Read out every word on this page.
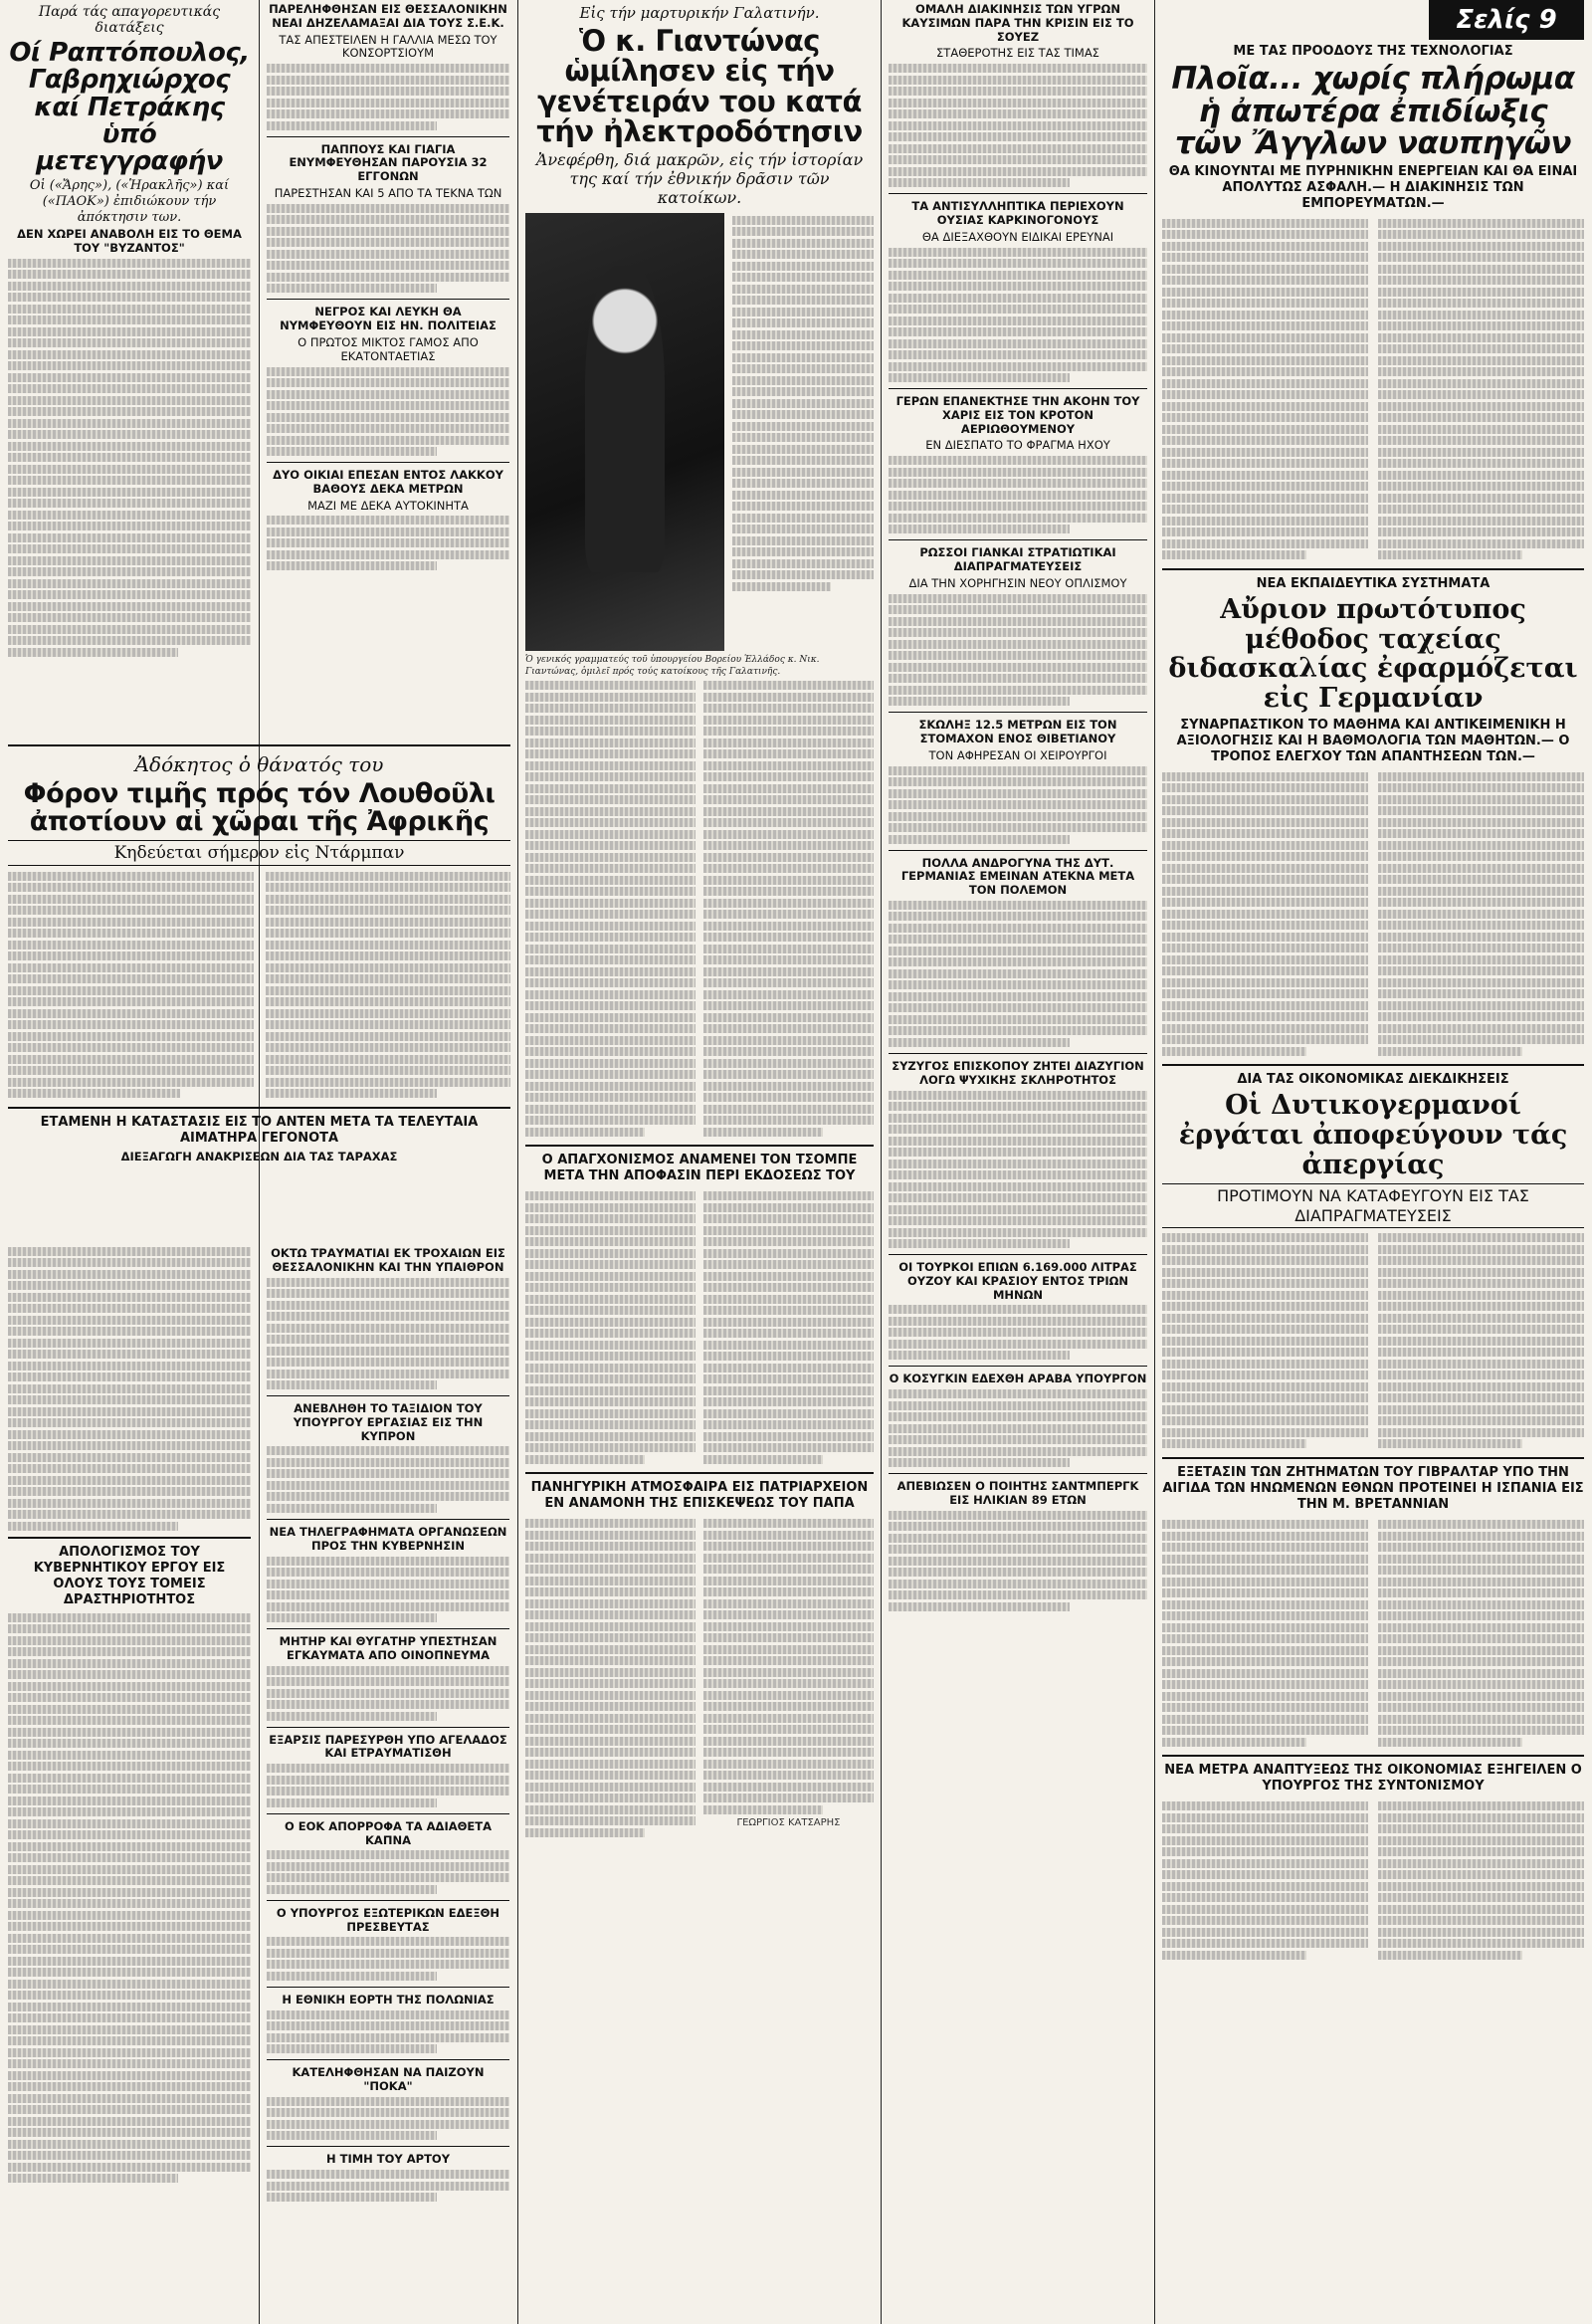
Παρά τάς απαγορευτικάς διατάξεις
Οί Ραπτόπουλος, Γαβρηχιώρχος καί Πετράκης ὑπό μετεγγραφήν
Οἱ («Ἄρης»), («Ἡρακλῆς») καί («ΠΑΟΚ») ἐπιδιώκουν τήν ἀπόκτησιν των.
ΔΕΝ ΧΩΡΕΙ ΑΝΑΒΟΛΗ ΕΙΣ ΤΟ ΘΕΜΑ ΤΟΥ "ΒΥΖΑΝΤΟΣ"
Ἀδόκητος ὁ θάνατός του
Φόρον τιμῆς πρός τόν Λουθοῦλι ἀποτίουν αἱ χῶραι τῆς Ἀφρικῆς
Κηδεύεται σήμερον εἰς Ντάρμπαν
ΕΤΑΜΕΝΗ Η ΚΑΤΑΣΤΑΣΙΣ ΕΙΣ ΤΟ ΑΝΤΕΝ ΜΕΤΑ ΤΑ ΤΕΛΕΥΤΑΙΑ ΑΙΜΑΤΗΡΑ ΓΕΓΟΝΟΤΑ
ΔΙΕΞΑΓΩΓΗ ΑΝΑΚΡΙΣΕΩΝ ΔΙΑ ΤΑΣ ΤΑΡΑΧΑΣ
ΑΠΟΛΟΓΙΣΜΟΣ ΤΟΥ ΚΥΒΕΡΝΗΤΙΚΟΥ ΕΡΓΟΥ ΕΙΣ ΟΛΟΥΣ ΤΟΥΣ ΤΟΜΕΙΣ ΔΡΑΣΤΗΡΙΟΤΗΤΟΣ
ΠΑΡΕΛΗΦΘΗΣΑΝ ΕΙΣ ΘΕΣΣΑΛΟΝΙΚΗΝ ΝΕΑΙ ΔΗΖΕΛΑΜΑΞΑΙ ΔΙΑ ΤΟΥΣ Σ.Ε.Κ.
ΤΑΣ ΑΠΕΣΤΕΙΛΕΝ Η ΓΑΛΛΙΑ ΜΕΣΩ ΤΟΥ ΚΟΝΣΟΡΤΣΙΟΥΜ
ΠΑΠΠΟΥΣ ΚΑΙ ΓΙΑΓΙΑ ΕΝΥΜΦΕΥΘΗΣΑΝ ΠΑΡΟΥΣΙΑ 32 ΕΓΓΟΝΩΝ
ΠΑΡΕΣΤΗΣΑΝ ΚΑΙ 5 ΑΠΟ ΤΑ ΤΕΚΝΑ ΤΩΝ
ΝΕΓΡΟΣ ΚΑΙ ΛΕΥΚΗ ΘΑ ΝΥΜΦΕΥΘΟΥΝ ΕΙΣ ΗΝ. ΠΟΛΙΤΕΙΑΣ
Ο ΠΡΩΤΟΣ ΜΙΚΤΟΣ ΓΑΜΟΣ ΑΠΟ ΕΚΑΤΟΝΤΑΕΤΙΑΣ
ΔΥΟ ΟΙΚΙΑΙ ΕΠΕΣΑΝ ΕΝΤΟΣ ΛΑΚΚΟΥ ΒΑΘΟΥΣ ΔΕΚΑ ΜΕΤΡΩΝ
ΜΑΖΙ ΜΕ ΔΕΚΑ ΑΥΤΟΚΙΝΗΤΑ
ΟΚΤΩ ΤΡΑΥΜΑΤΙΑΙ ΕΚ ΤΡΟΧΑΙΩΝ ΕΙΣ ΘΕΣΣΑΛΟΝΙΚΗΝ ΚΑΙ ΤΗΝ ΥΠΑΙΘΡΟΝ
ΑΝΕΒΛΗΘΗ ΤΟ ΤΑΞΙΔΙΟΝ ΤΟΥ ΥΠΟΥΡΓΟΥ ΕΡΓΑΣΙΑΣ ΕΙΣ ΤΗΝ ΚΥΠΡΟΝ
ΝΕΑ ΤΗΛΕΓΡΑΦΗΜΑΤΑ ΟΡΓΑΝΩΣΕΩΝ ΠΡΟΣ ΤΗΝ ΚΥΒΕΡΝΗΣΙΝ
ΜΗΤΗΡ ΚΑΙ ΘΥΓΑΤΗΡ ΥΠΕΣΤΗΣΑΝ ΕΓΚΑΥΜΑΤΑ ΑΠΟ ΟΙΝΟΠΝΕΥΜΑ
ΕΞΑΡΣΙΣ ΠΑΡΕΣΥΡΘΗ ΥΠΟ ΑΓΕΛΑΔΟΣ ΚΑΙ ΕΤΡΑΥΜΑΤΙΣΘΗ
Ο ΕΟΚ ΑΠΟΡΡΟΦΑ ΤΑ ΑΔΙΑΘΕΤΑ ΚΑΠΝΑ
Ο ΥΠΟΥΡΓΟΣ ΕΞΩΤΕΡΙΚΩΝ ΕΔΕΞΘΗ ΠΡΕΣΒΕΥΤΑΣ
Η ΕΘΝΙΚΗ ΕΟΡΤΗ ΤΗΣ ΠΟΛΩΝΙΑΣ
ΚΑΤΕΛΗΦΘΗΣΑΝ ΝΑ ΠΑΙΖΟΥΝ "ΠΟΚΑ"
Η ΤΙΜΗ ΤΟΥ ΑΡΤΟΥ
Εἰς τήν μαρτυρικήν Γαλατινήν.
Ὁ κ. Γιαντώνας ὡμίλησεν εἰς τήν γενέτειράν του κατά τήν ἠλεκτροδότησιν
Ἀνεφέρθη, διά μακρῶν, εἰς τήν ἱστορίαν της καί τήν ἐθνικήν δρᾶσιν τῶν κατοίκων.
Ὁ γενικός γραμματεύς τοῦ ὑπουργείου Βορείου Ἑλλάδος κ. Νικ. Γιαντώνας, ὁμιλεῖ πρός τούς κατοίκους τῆς Γαλατινῆς.
Ο ΑΠΑΓΧΟΝΙΣΜΟΣ ΑΝΑΜΕΝΕΙ ΤΟΝ ΤΣΟΜΠΕ ΜΕΤΑ ΤΗΝ ΑΠΟΦΑΣΙΝ ΠΕΡΙ ΕΚΔΟΣΕΩΣ ΤΟΥ
ΠΑΝΗΓΥΡΙΚΗ ΑΤΜΟΣΦΑΙΡΑ ΕΙΣ ΠΑΤΡΙΑΡΧΕΙΟΝ ΕΝ ΑΝΑΜΟΝΗ ΤΗΣ ΕΠΙΣΚΕΨΕΩΣ ΤΟΥ ΠΑΠΑ
ΓΕΩΡΓΙΟΣ ΚΑΤΣΑΡΗΣ
ΟΜΑΛΗ ΔΙΑΚΙΝΗΣΙΣ ΤΩΝ ΥΓΡΩΝ ΚΑΥΣΙΜΩΝ ΠΑΡΑ ΤΗΝ ΚΡΙΣΙΝ ΕΙΣ ΤΟ ΣΟΥΕΖ
ΣΤΑΘΕΡΟΤΗΣ ΕΙΣ ΤΑΣ ΤΙΜΑΣ
ΤΑ ΑΝΤΙΣΥΛΛΗΠΤΙΚΑ ΠΕΡΙΕΧΟΥΝ ΟΥΣΙΑΣ ΚΑΡΚΙΝΟΓΟΝΟΥΣ
ΘΑ ΔΙΕΞΑΧΘΟΥΝ ΕΙΔΙΚΑΙ ΕΡΕΥΝΑΙ
ΓΕΡΩΝ ΕΠΑΝΕΚΤΗΣΕ ΤΗΝ ΑΚΟΗΝ ΤΟΥ ΧΑΡΙΣ ΕΙΣ ΤΟΝ ΚΡΟΤΟΝ ΑΕΡΙΩΘΟΥΜΕΝΟΥ
ΕΝ ΔΙΕΣΠΑΤΟ ΤΟ ΦΡΑΓΜΑ ΗΧΟΥ
ΡΩΣΣΟΙ ΓΙΑΝΚΑΙ ΣΤΡΑΤΙΩΤΙΚΑΙ ΔΙΑΠΡΑΓΜΑΤΕΥΣΕΙΣ
ΔΙΑ ΤΗΝ ΧΟΡΗΓΗΣΙΝ ΝΕΟΥ ΟΠΛΙΣΜΟΥ
ΣΚΩΛΗΞ 12.5 ΜΕΤΡΩΝ ΕΙΣ ΤΟΝ ΣΤΟΜΑΧΟΝ ΕΝΟΣ ΘΙΒΕΤΙΑΝΟΥ
ΤΟΝ ΑΦΗΡΕΣΑΝ ΟΙ ΧΕΙΡΟΥΡΓΟΙ
ΠΟΛΛΑ ΑΝΔΡΟΓΥΝΑ ΤΗΣ ΔΥΤ. ΓΕΡΜΑΝΙΑΣ ΕΜΕΙΝΑΝ ΑΤΕΚΝΑ ΜΕΤΑ ΤΟΝ ΠΟΛΕΜΟΝ
ΣΥΖΥΓΟΣ ΕΠΙΣΚΟΠΟΥ ΖΗΤΕΙ ΔΙΑΖΥΓΙΟΝ ΛΟΓΩ ΨΥΧΙΚΗΣ ΣΚΛΗΡΟΤΗΤΟΣ
ΟΙ ΤΟΥΡΚΟΙ ΕΠΙΩΝ 6.169.000 ΛΙΤΡΑΣ ΟΥΖΟΥ ΚΑΙ ΚΡΑΣΙΟΥ ΕΝΤΟΣ ΤΡΙΩΝ ΜΗΝΩΝ
Ο ΚΟΣΥΓΚΙΝ ΕΔΕΧΘΗ ΑΡΑΒΑ ΥΠΟΥΡΓΟΝ
ΑΠΕΒΙΩΣΕΝ Ο ΠΟΙΗΤΗΣ ΣΑΝΤΜΠΕΡΓΚ ΕΙΣ ΗΛΙΚΙΑΝ 89 ΕΤΩΝ
Σελίς 9
ΜΕ ΤΑΣ ΠΡΟΟΔΟΥΣ ΤΗΣ ΤΕΧΝΟΛΟΓΙΑΣ
Πλοῖα... χωρίς πλήρωμα ἡ ἀπωτέρα ἐπιδίωξις τῶν Ἄγγλων ναυπηγῶν
ΘΑ ΚΙΝΟΥΝΤΑΙ ΜΕ ΠΥΡΗΝΙΚΗΝ ΕΝΕΡΓΕΙΑΝ ΚΑΙ ΘΑ ΕΙΝΑΙ ΑΠΟΛΥΤΩΣ ΑΣΦΑΛΗ.— Η ΔΙΑΚΙΝΗΣΙΣ ΤΩΝ ΕΜΠΟΡΕΥΜΑΤΩΝ.—
ΝΕΑ ΕΚΠΑΙΔΕΥΤΙΚΑ ΣΥΣΤΗΜΑΤΑ
Αὔριον πρωτότυπος μέθοδος ταχείας διδασκαλίας ἐφαρμόζεται εἰς Γερμανίαν
ΣΥΝΑΡΠΑΣΤΙΚΟΝ ΤΟ ΜΑΘΗΜΑ ΚΑΙ ΑΝΤΙΚΕΙΜΕΝΙΚΗ Η ΑΞΙΟΛΟΓΗΣΙΣ ΚΑΙ Η ΒΑΘΜΟΛΟΓΙΑ ΤΩΝ ΜΑΘΗΤΩΝ.— Ο ΤΡΟΠΟΣ ΕΛΕΓΧΟΥ ΤΩΝ ΑΠΑΝΤΗΣΕΩΝ ΤΩΝ.—
ΔΙΑ ΤΑΣ ΟΙΚΟΝΟΜΙΚΑΣ ΔΙΕΚΔΙΚΗΣΕΙΣ
Οἱ Δυτικογερμανοί ἐργάται ἀποφεύγουν τάς ἀπεργίας
ΠΡΟΤΙΜΟΥΝ ΝΑ ΚΑΤΑΦΕΥΓΟΥΝ ΕΙΣ ΤΑΣ ΔΙΑΠΡΑΓΜΑΤΕΥΣΕΙΣ
ΕΞΕΤΑΣΙΝ ΤΩΝ ΖΗΤΗΜΑΤΩΝ ΤΟΥ ΓΙΒΡΑΛΤΑΡ ΥΠΟ ΤΗΝ ΑΙΓΙΔΑ ΤΩΝ ΗΝΩΜΕΝΩΝ ΕΘΝΩΝ ΠΡΟΤΕΙΝΕΙ Η ΙΣΠΑΝΙΑ ΕΙΣ ΤΗΝ Μ. ΒΡΕΤΑΝΝΙΑΝ
ΝΕΑ ΜΕΤΡΑ ΑΝΑΠΤΥΞΕΩΣ ΤΗΣ ΟΙΚΟΝΟΜΙΑΣ ΕΞΗΓΕΙΛΕΝ Ο ΥΠΟΥΡΓΟΣ ΤΗΣ ΣΥΝΤΟΝΙΣΜΟΥ
